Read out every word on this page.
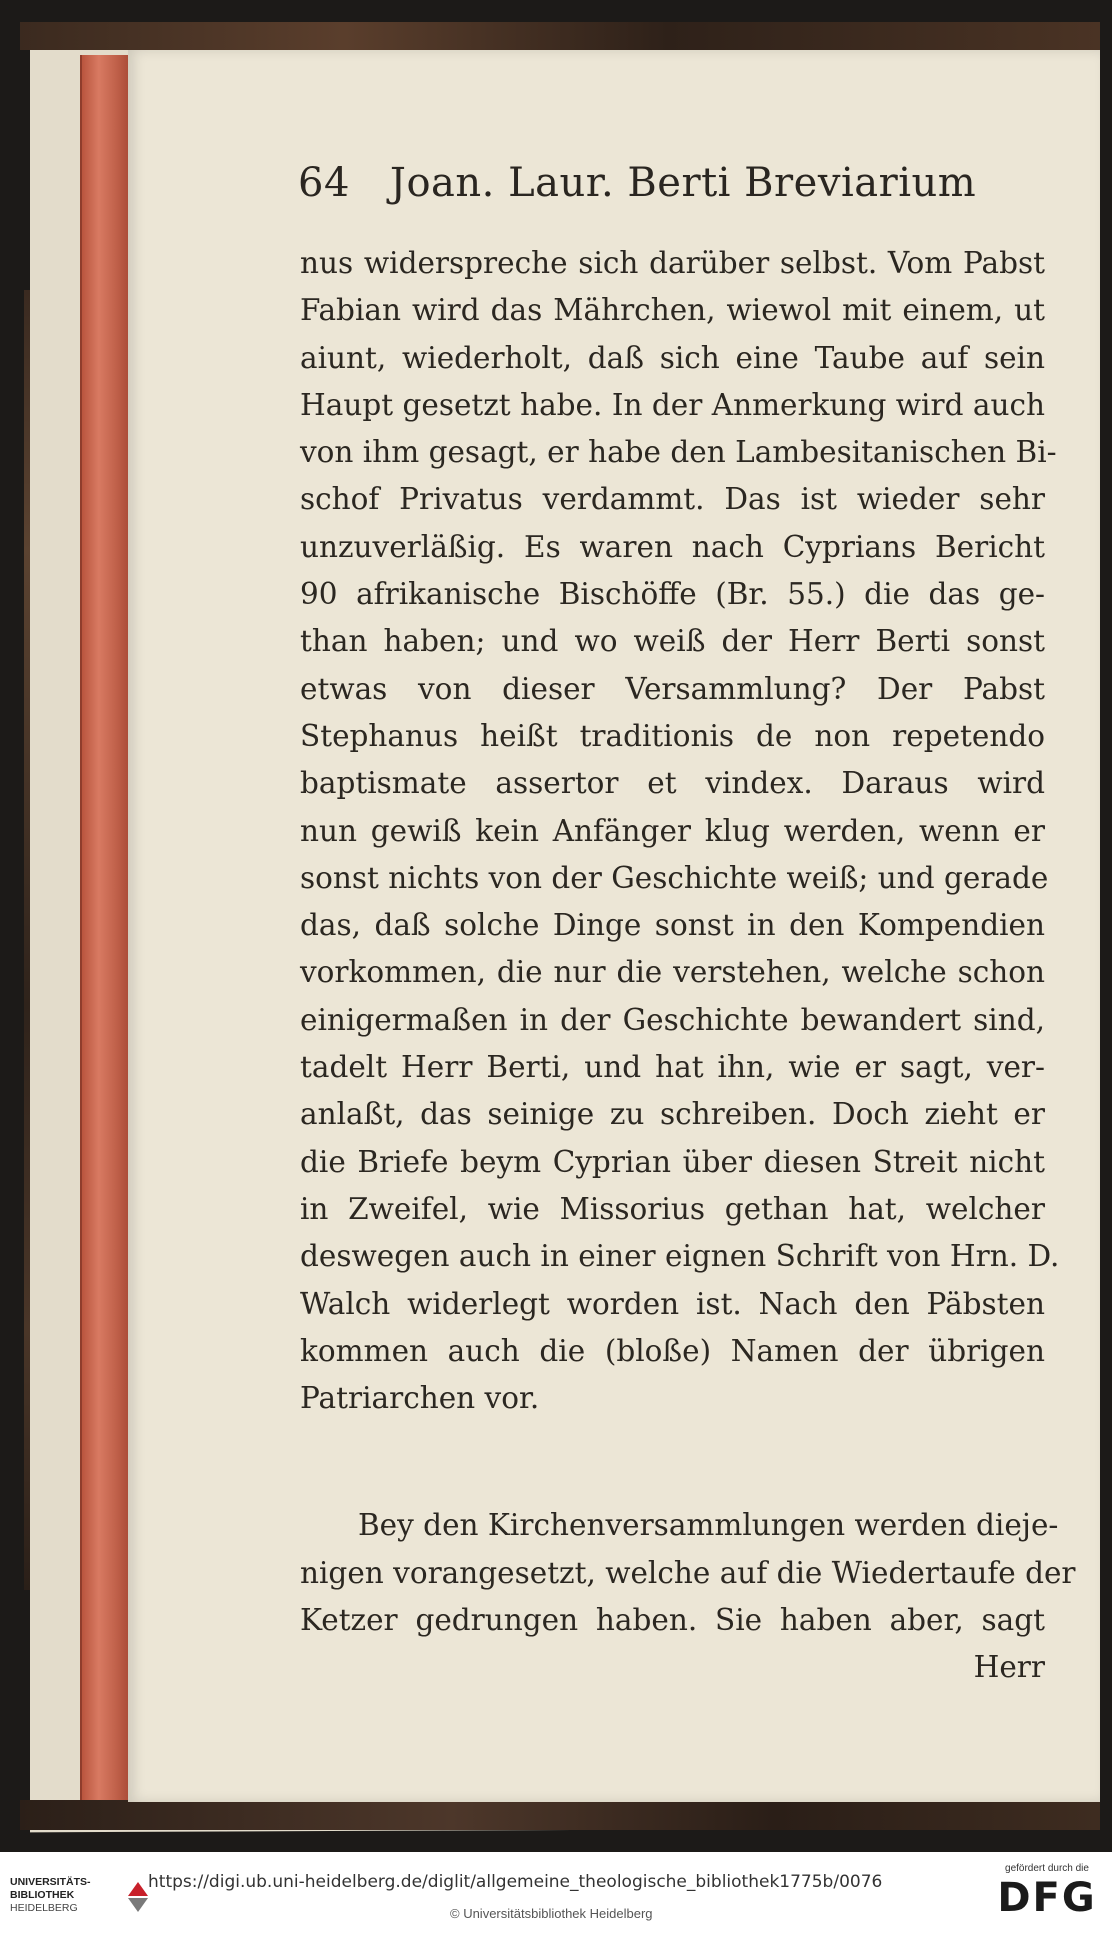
64 Joan. Laur. Berti Breviarium
nus widerspreche sich darüber selbst. Vom Pabst
Fabian wird das Mährchen, wiewol mit einem, ut
aiunt, wiederholt, daß sich eine Taube auf sein
Haupt gesetzt habe. In der Anmerkung wird auch
von ihm gesagt, er habe den Lambesitanischen Bi-
schof Privatus verdammt. Das ist wieder sehr
unzuverläßig. Es waren nach Cyprians Bericht
90 afrikanische Bischöffe (Br. 55.) die das ge-
than haben; und wo weiß der Herr Berti sonst
etwas von dieser Versammlung? Der Pabst
Stephanus heißt traditionis de non repetendo
baptismate assertor et vindex. Daraus wird
nun gewiß kein Anfänger klug werden, wenn er
sonst nichts von der Geschichte weiß; und gerade
das, daß solche Dinge sonst in den Kompendien
vorkommen, die nur die verstehen, welche schon
einigermaßen in der Geschichte bewandert sind,
tadelt Herr Berti, und hat ihn, wie er sagt, ver-
anlaßt, das seinige zu schreiben. Doch zieht er
die Briefe beym Cyprian über diesen Streit nicht
in Zweifel, wie Missorius gethan hat, welcher
deswegen auch in einer eignen Schrift von Hrn. D.
Walch widerlegt worden ist. Nach den Päbsten
kommen auch die (bloße) Namen der übrigen
Patriarchen vor.
Bey den Kirchenversammlungen werden dieje-
nigen vorangesetzt, welche auf die Wiedertaufe der
Ketzer gedrungen haben. Sie haben aber, sagt
Herr
UNIVERSITÄTS-
BIBLIOTHEK
HEIDELBERG
https://digi.ub.uni-heidelberg.de/diglit/allgemeine_theologische_bibliothek1775b/0076
© Universitätsbibliothek Heidelberg
gefördert durch die
DFG
